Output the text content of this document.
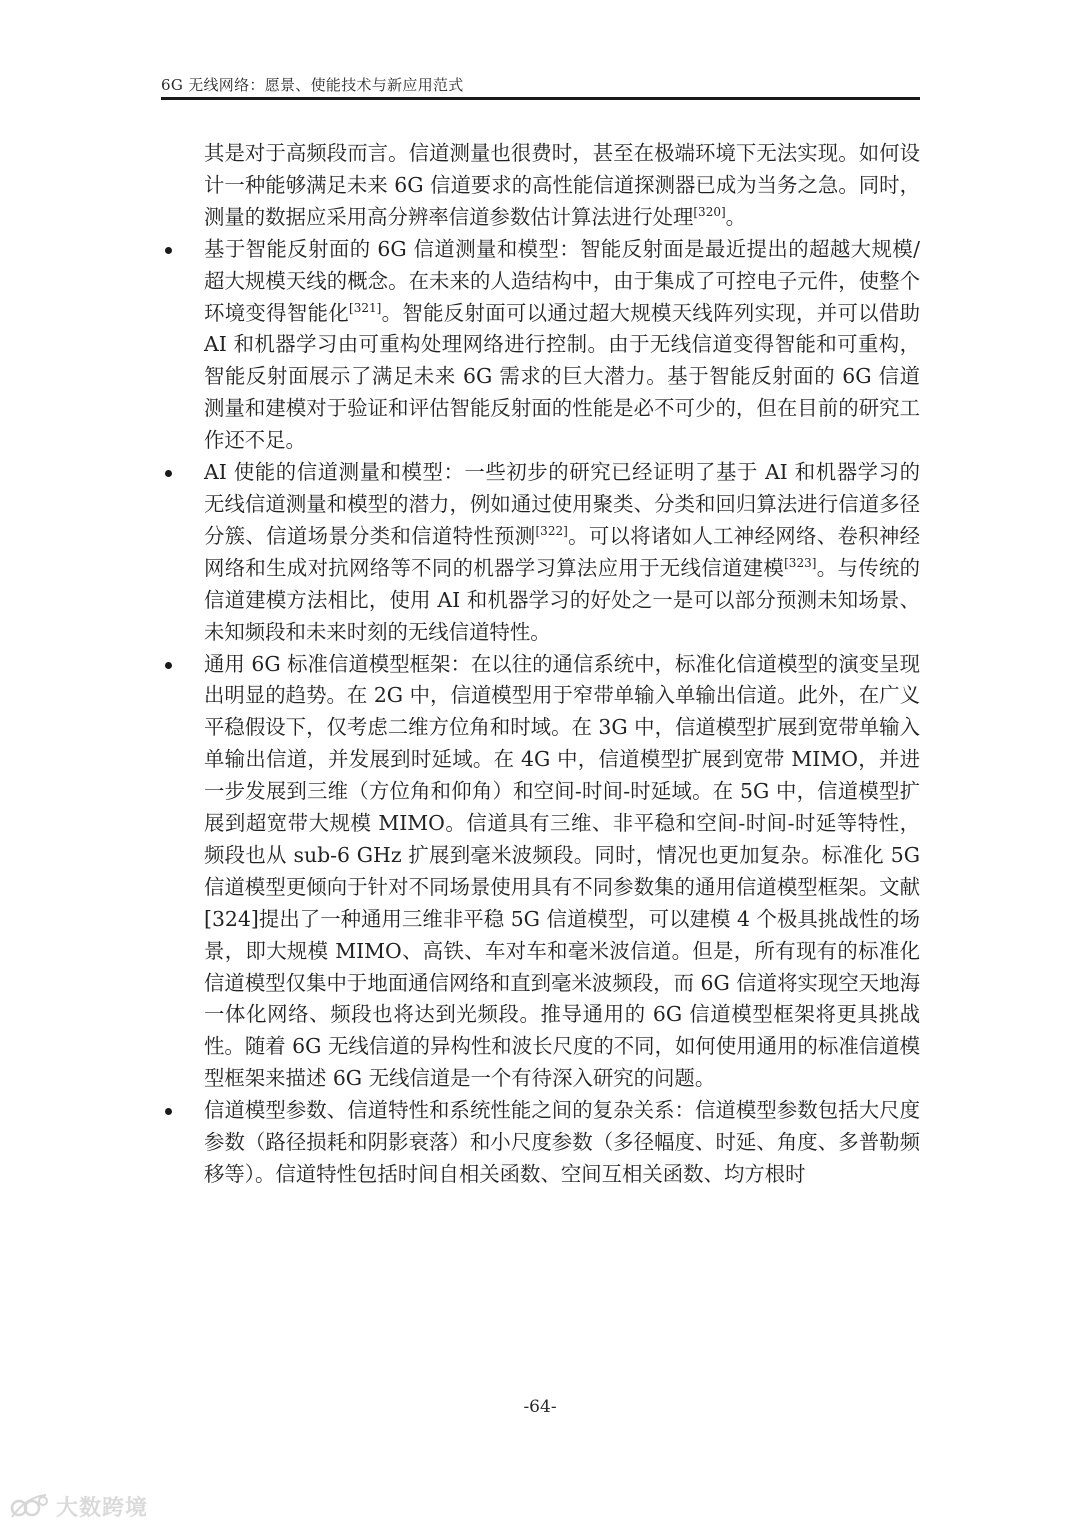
6G 无线网络：愿景、使能技术与新应用范式

其是对于高频段而言。信道测量也很费时，甚至在极端环境下无法实现。如何设计一种能够满足未来 6G 信道要求的高性能信道探测器已成为当务之急。同时，测量的数据应采用高分辨率信道参数估计算法进行处理[320]。

基于智能反射面的 6G 信道测量和模型：智能反射面是最近提出的超越大规模/超大规模天线的概念。在未来的人造结构中，由于集成了可控电子元件，使整个环境变得智能化[321]。智能反射面可以通过超大规模天线阵列实现，并可以借助 AI 和机器学习由可重构处理网络进行控制。由于无线信道变得智能和可重构，智能反射面展示了满足未来 6G 需求的巨大潜力。基于智能反射面的 6G 信道测量和建模对于验证和评估智能反射面的性能是必不可少的，但在目前的研究工作还不足。

AI 使能的信道测量和模型：一些初步的研究已经证明了基于 AI 和机器学习的无线信道测量和模型的潜力，例如通过使用聚类、分类和回归算法进行信道多径分簇、信道场景分类和信道特性预测[322]。可以将诸如人工神经网络、卷积神经网络和生成对抗网络等不同的机器学习算法应用于无线信道建模[323]。与传统的信道建模方法相比，使用 AI 和机器学习的好处之一是可以部分预测未知场景、未知频段和未来时刻的无线信道特性。

通用 6G 标准信道模型框架：在以往的通信系统中，标准化信道模型的演变呈现出明显的趋势。在 2G 中，信道模型用于窄带单输入单输出信道。此外，在广义平稳假设下，仅考虑二维方位角和时域。在 3G 中，信道模型扩展到宽带单输入单输出信道，并发展到时延域。在 4G 中，信道模型扩展到宽带 MIMO，并进一步发展到三维（方位角和仰角）和空间-时间-时延域。在 5G 中，信道模型扩展到超宽带大规模 MIMO。信道具有三维、非平稳和空间-时间-时延等特性，频段也从 sub-6 GHz 扩展到毫米波频段。同时，情况也更加复杂。标准化 5G 信道模型更倾向于针对不同场景使用具有不同参数集的通用信道模型框架。文献[324]提出了一种通用三维非平稳 5G 信道模型，可以建模 4 个极具挑战性的场景，即大规模 MIMO、高铁、车对车和毫米波信道。但是，所有现有的标准化信道模型仅集中于地面通信网络和直到毫米波频段，而 6G 信道将实现空天地海一体化网络、频段也将达到光频段。推导通用的 6G 信道模型框架将更具挑战性。随着 6G 无线信道的异构性和波长尺度的不同，如何使用通用的标准信道模型框架来描述 6G 无线信道是一个有待深入研究的问题。

信道模型参数、信道特性和系统性能之间的复杂关系：信道模型参数包括大尺度参数（路径损耗和阴影衰落）和小尺度参数（多径幅度、时延、角度、多普勒频移等）。信道特性包括时间自相关函数、空间互相关函数、均方根时

-64-
大数跨境
